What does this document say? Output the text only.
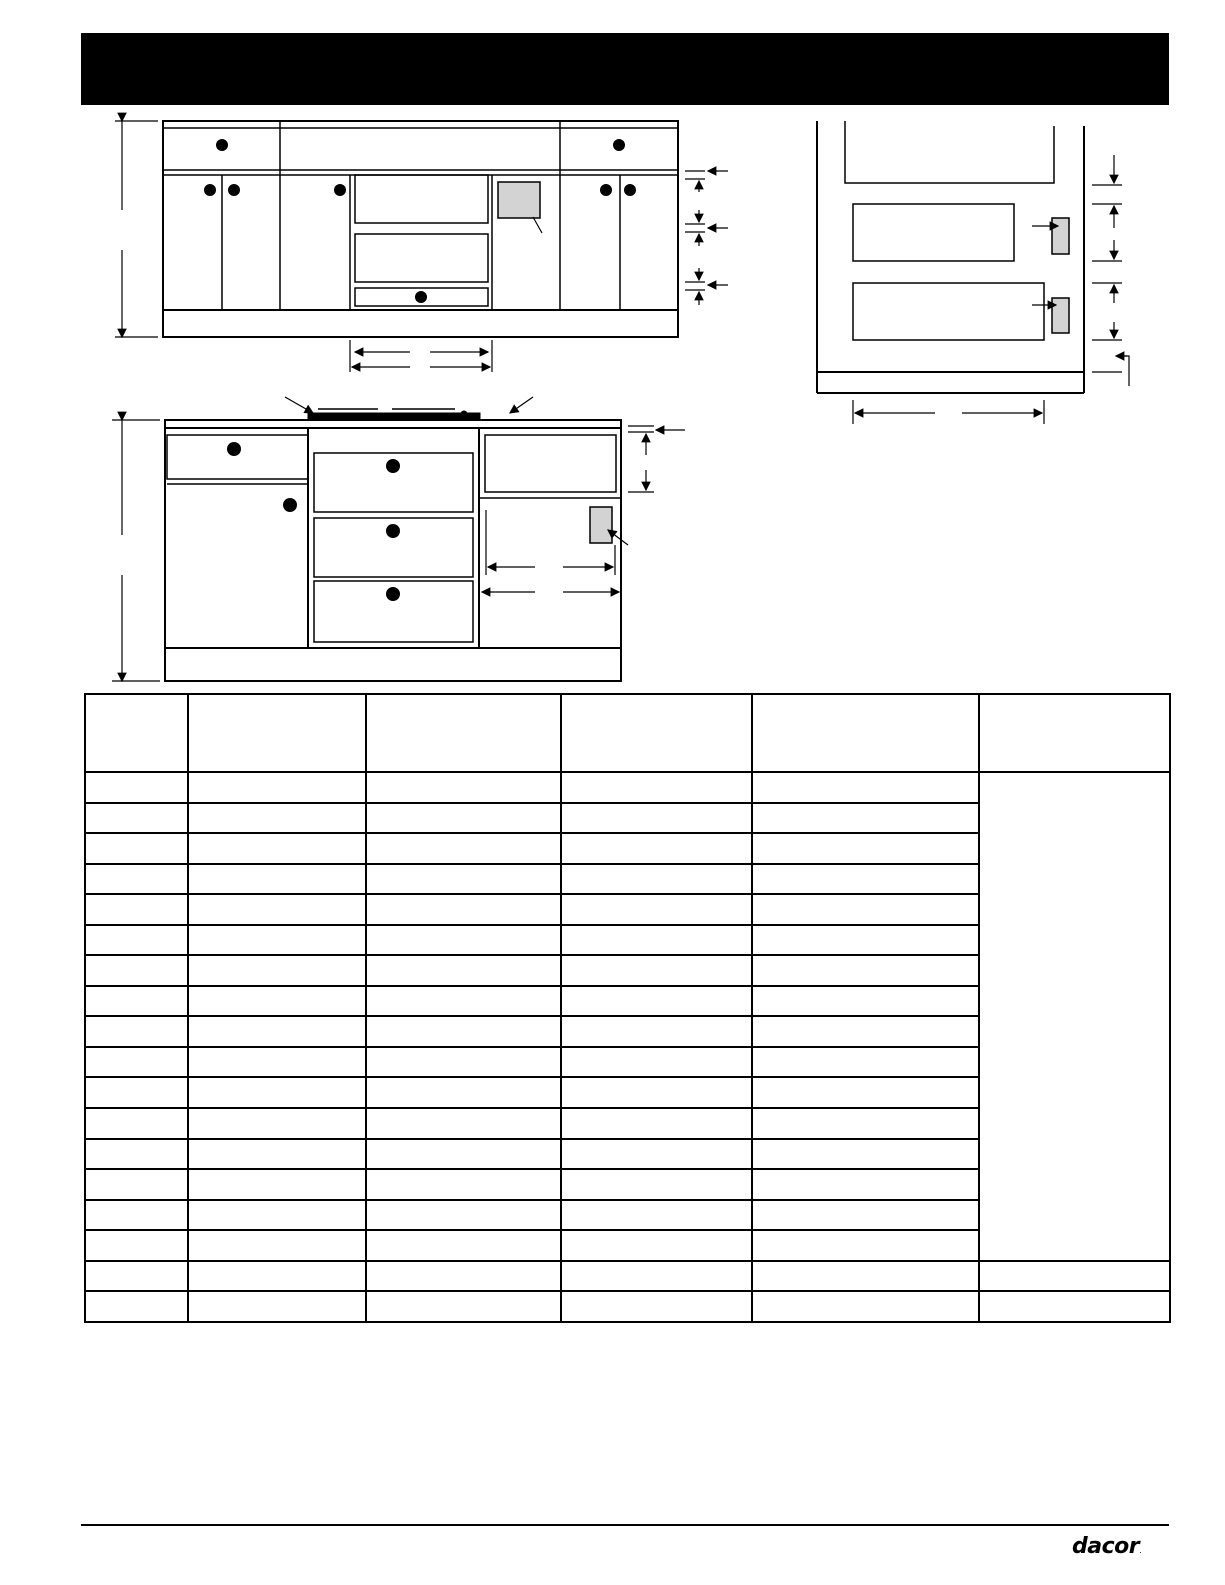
dacor.
